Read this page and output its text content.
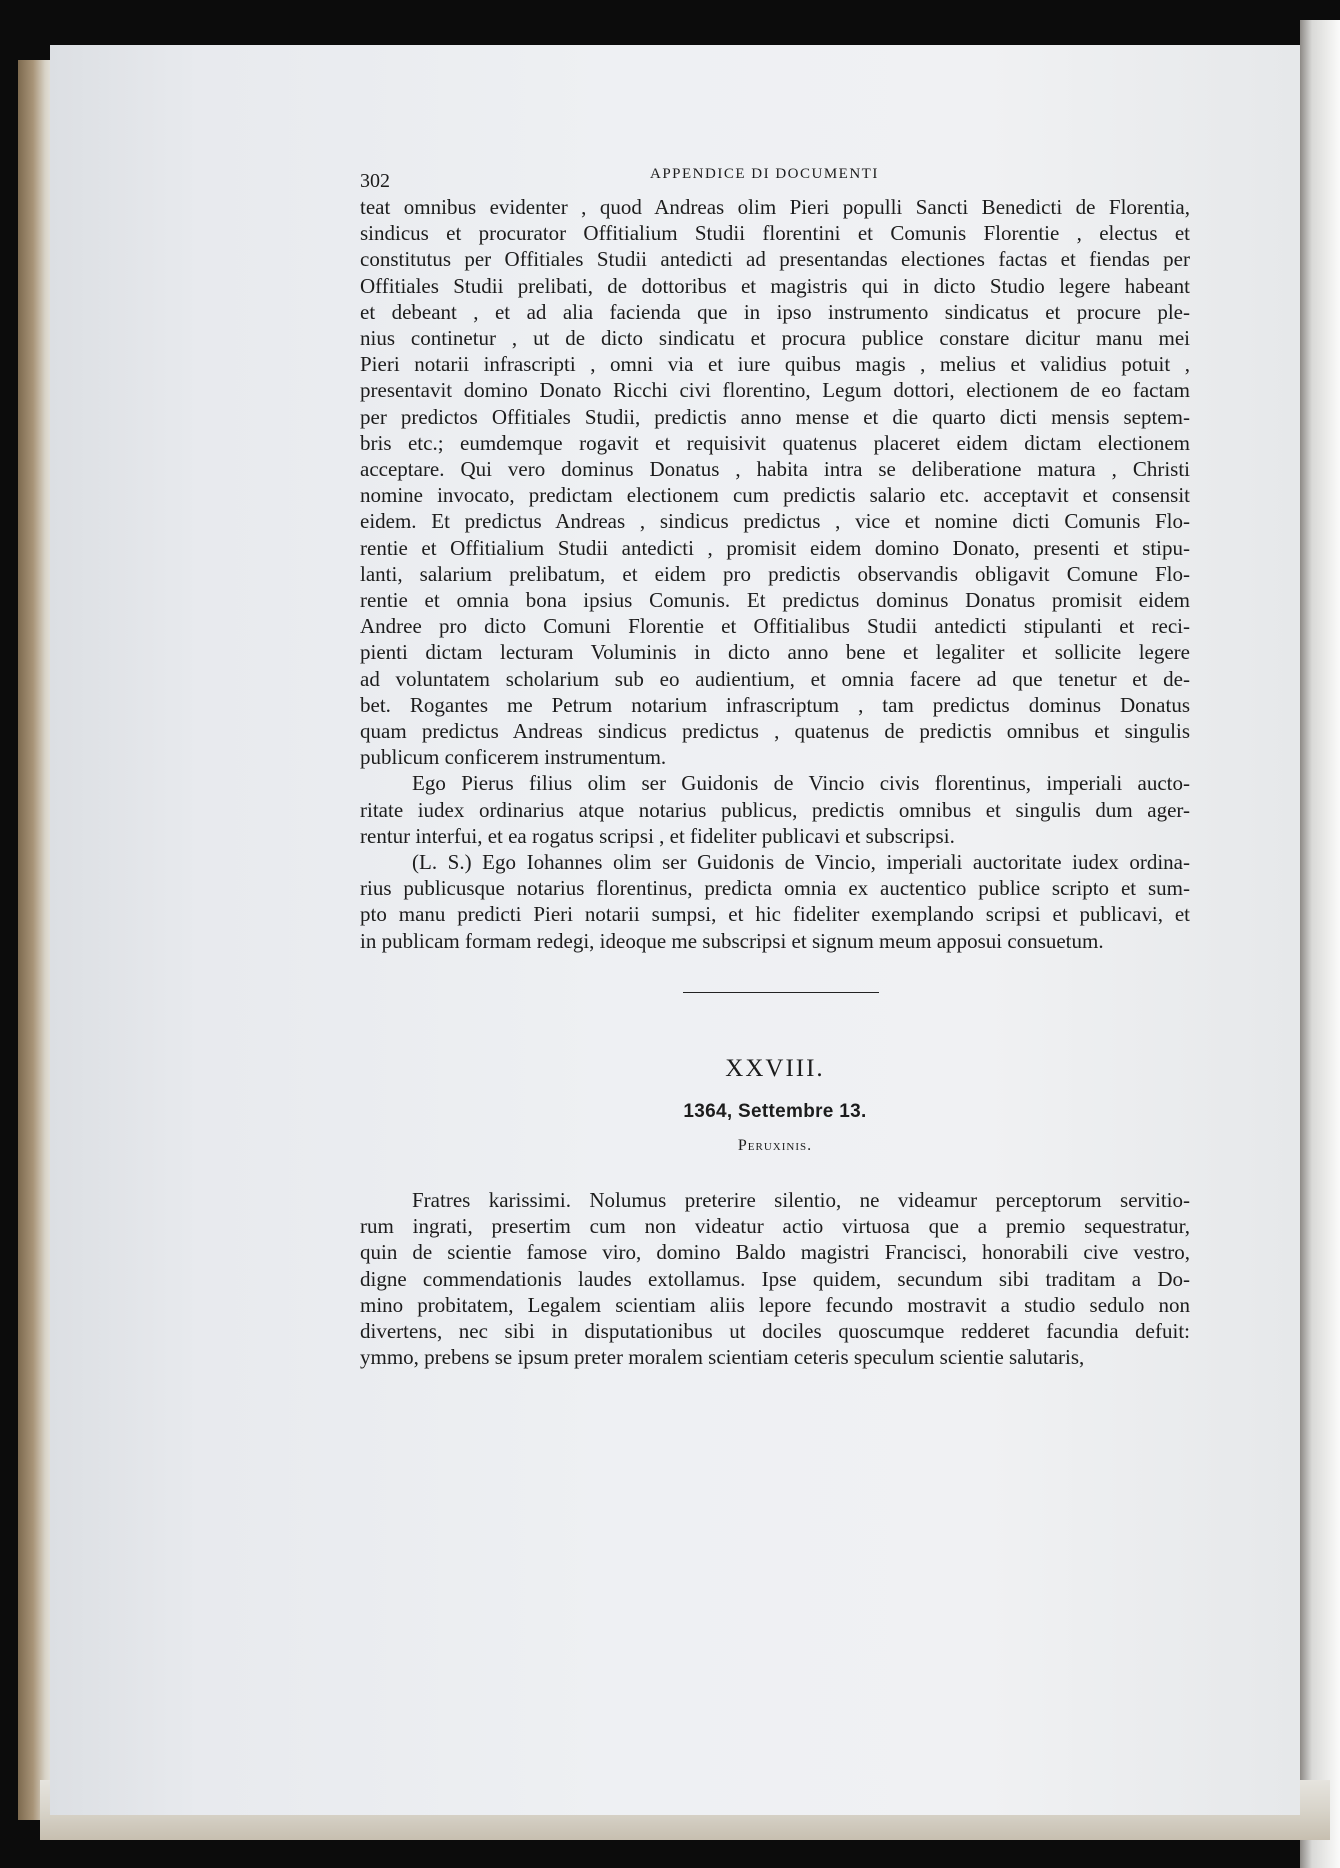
302	APPENDICE DI DOCUMENTI

teat omnibus evidenter , quod Andreas olim Pieri populli Sancti Benedicti de Florentia,
sindicus et procurator Offitialium Studii florentini et Comunis Florentie , electus et
constitutus per Offitiales Studii antedicti ad presentandas electiones factas et fiendas per
Offitiales Studii prelibati, de dottoribus et magistris qui in dicto Studio legere habeant
et debeant , et ad alia facienda que in ipso instrumento sindicatus et procure ple-
nius continetur , ut de dicto sindicatu et procura publice constare dicitur manu mei
Pieri notarii infrascripti , omni via et iure quibus magis , melius et validius potuit ,
presentavit domino Donato Ricchi civi florentino, Legum dottori, electionem de eo factam
per predictos Offitiales Studii, predictis anno mense et die quarto dicti mensis septem-
bris etc.; eumdemque rogavit et requisivit quatenus placeret eidem dictam electionem
acceptare. Qui vero dominus Donatus , habita intra se deliberatione matura , Christi
nomine invocato, predictam electionem cum predictis salario etc. acceptavit et consensit
eidem. Et predictus Andreas , sindicus predictus , vice et nomine dicti Comunis Flo-
rentie et Offitialium Studii antedicti , promisit eidem domino Donato, presenti et stipu-
lanti, salarium prelibatum, et eidem pro predictis observandis obligavit Comune Flo-
rentie et omnia bona ipsius Comunis. Et predictus dominus Donatus promisit eidem
Andree pro dicto Comuni Florentie et Offitialibus Studii antedicti stipulanti et reci-
pienti dictam lecturam Voluminis in dicto anno bene et legaliter et sollicite legere
ad voluntatem scholarium sub eo audientium, et omnia facere ad que tenetur et de-
bet. Rogantes me Petrum notarium infrascriptum , tam predictus dominus Donatus
quam predictus Andreas sindicus predictus , quatenus de predictis omnibus et singulis
publicum conficerem instrumentum.

Ego Pierus filius olim ser Guidonis de Vincio civis florentinus, imperiali aucto-
ritate iudex ordinarius atque notarius publicus, predictis omnibus et singulis dum ager-
rentur interfui, et ea rogatus scripsi , et fideliter publicavi et subscripsi.

(L. S.) Ego Iohannes olim ser Guidonis de Vincio, imperiali auctoritate iudex ordina-
rius publicusque notarius florentinus, predicta omnia ex auctentico publice scripto et sum-
pto manu predicti Pieri notarii sumpsi, et hic fideliter exemplando scripsi et publicavi, et
in publicam formam redegi, ideoque me subscripsi et signum meum apposui consuetum.

XXVIII.
1364, Settembre 13.
Peruxinis.

Fratres karissimi. Nolumus preterire silentio, ne videamur perceptorum servitio-
rum ingrati, presertim cum non videatur actio virtuosa que a premio sequestratur,
quin de scientie famose viro, domino Baldo magistri Francisci, honorabili cive vestro,
digne commendationis laudes extollamus. Ipse quidem, secundum sibi traditam a Do-
mino probitatem, Legalem scientiam aliis lepore fecundo mostravit a studio sedulo non
divertens, nec sibi in disputationibus ut dociles quoscumque redderet facundia defuit:
ymmo, prebens se ipsum preter moralem scientiam ceteris speculum scientie salutaris,
